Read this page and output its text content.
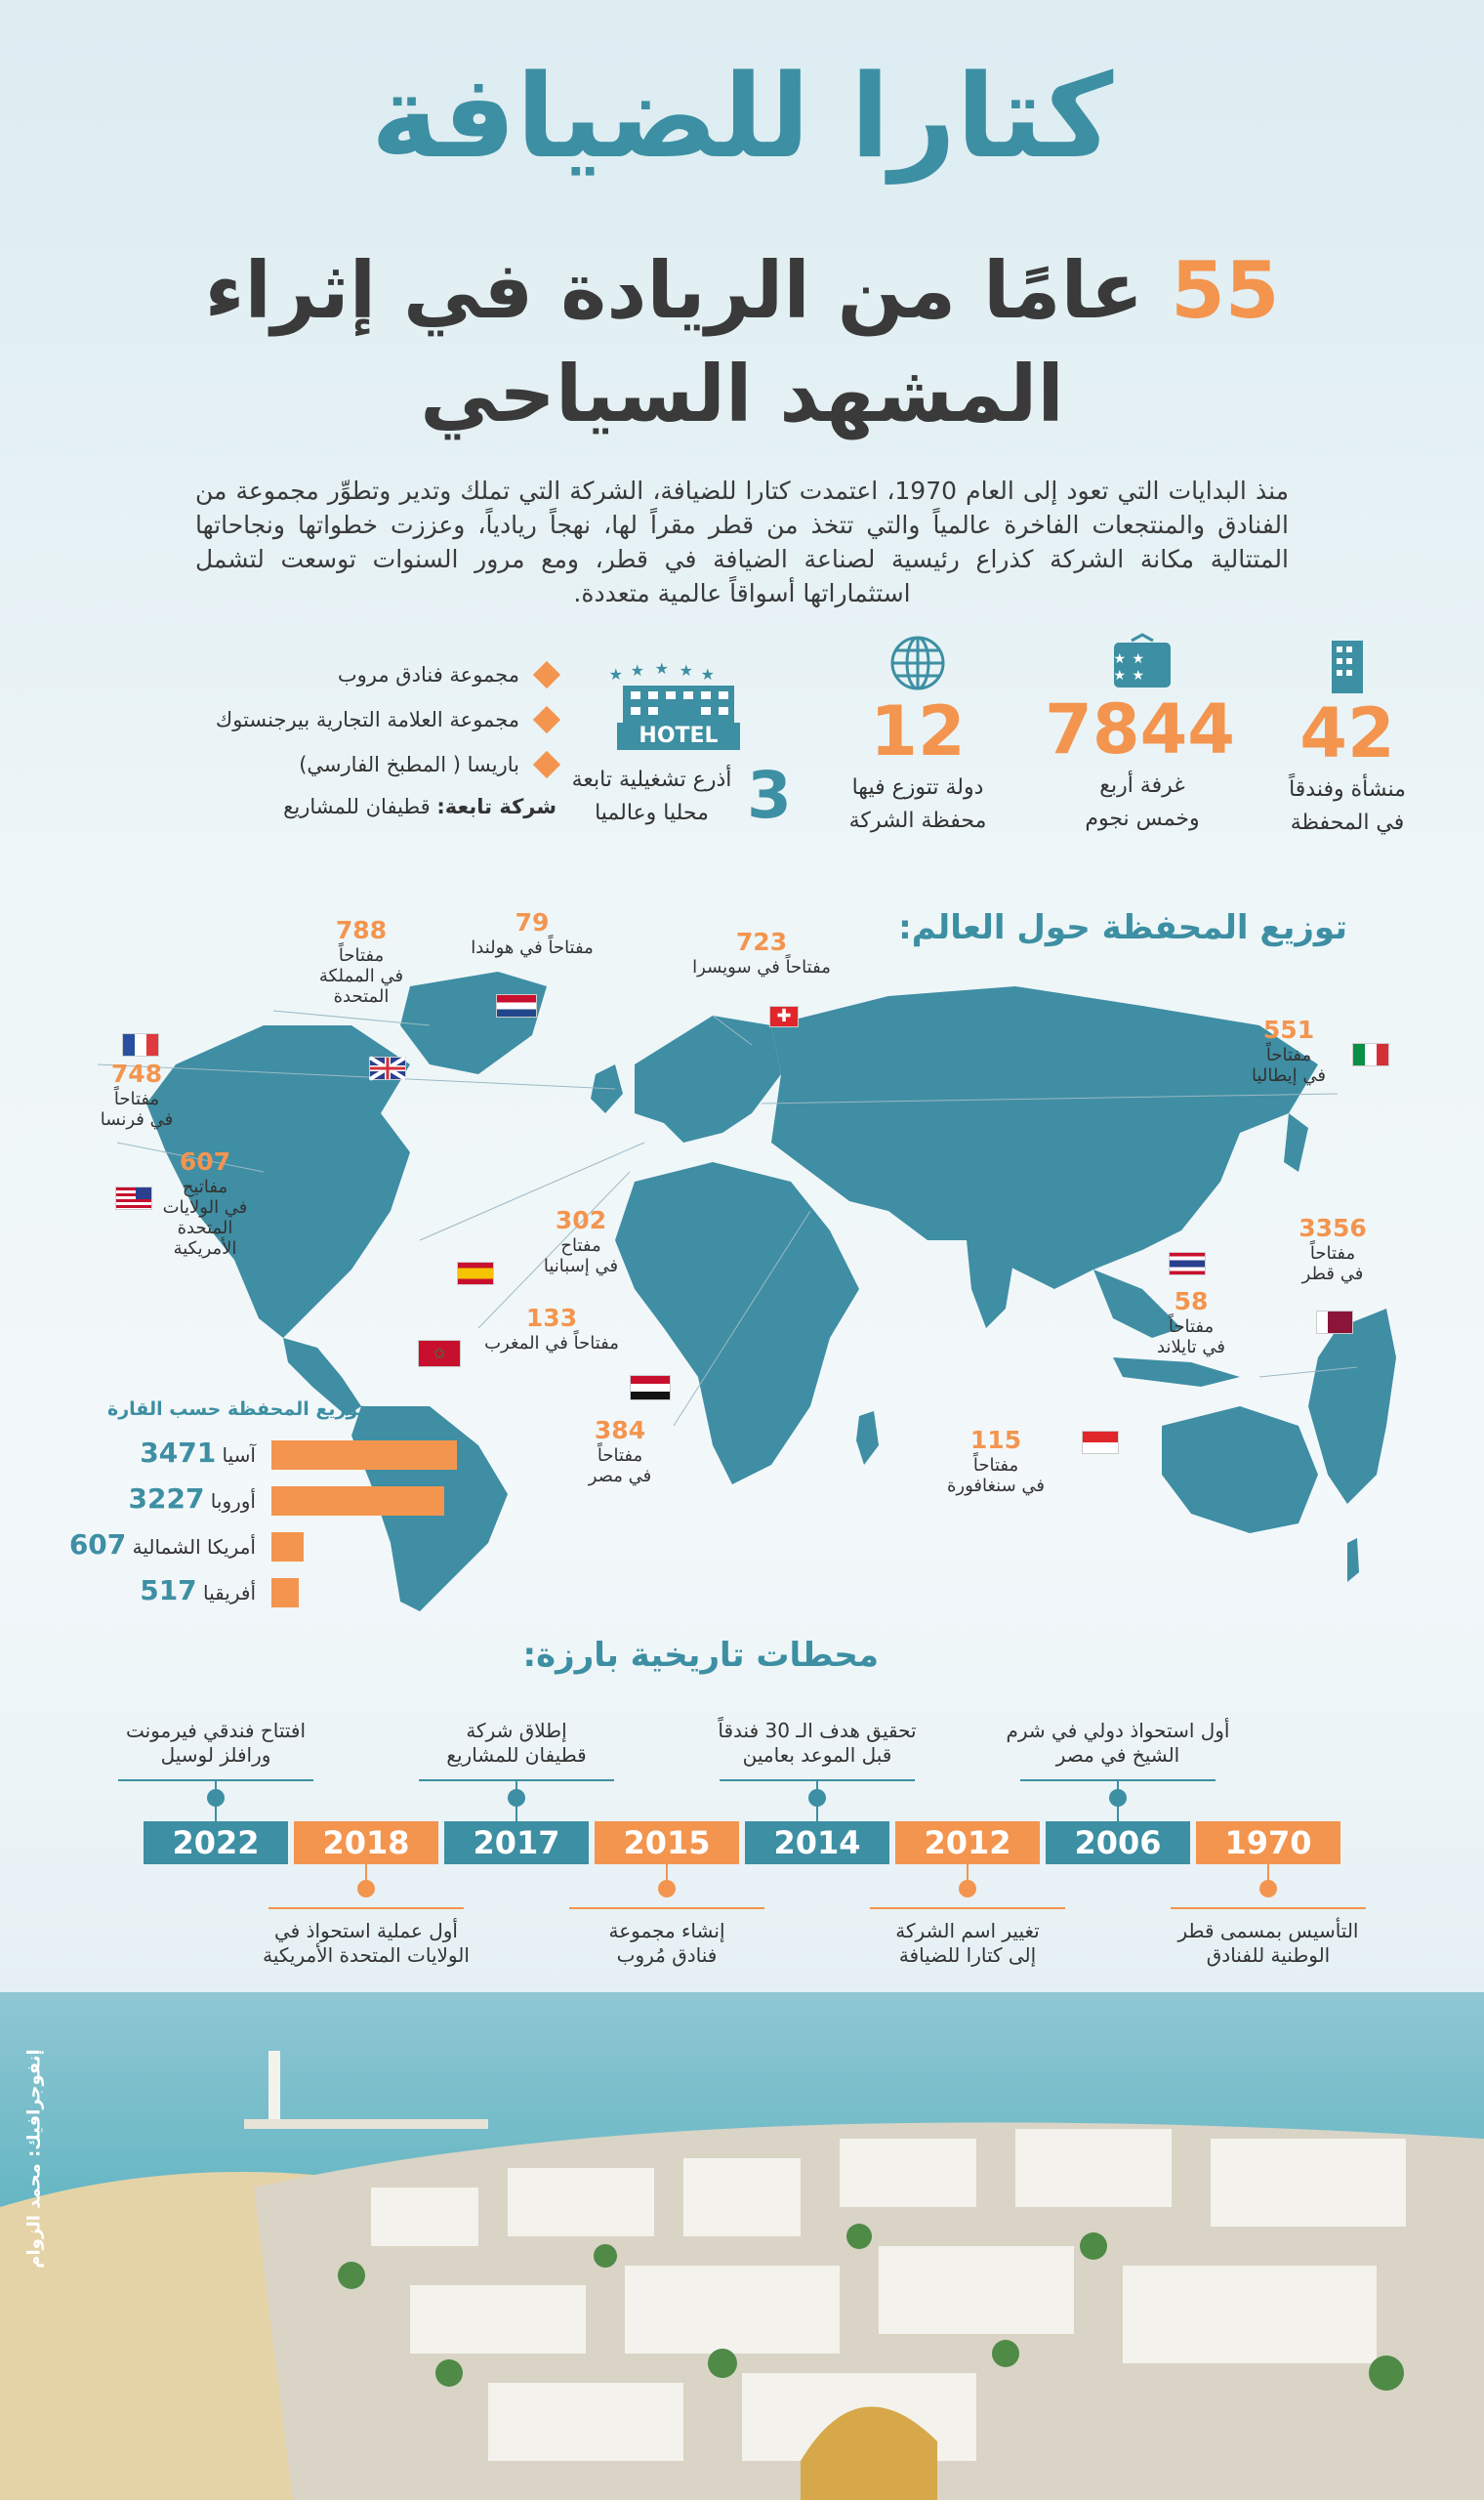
كتارا للضيافة
55 عامًا من الريادة في إثراء
المشهد السياحي
منذ البدايات التي تعود إلى العام 1970، اعتمدت كتارا للضيافة، الشركة التي تملك وتدير وتطوِّر مجموعة من الفنادق والمنتجعات الفاخرة عالمياً والتي تتخذ من قطر مقراً لها، نهجاً ريادياً، وعززت خطواتها ونجاحاتها المتتالية مكانة الشركة كذراع رئيسية لصناعة الضيافة في قطر، ومع مرور السنوات توسعت لتشمل استثماراتها أسواقاً عالمية متعددة.
42
منشأة وفندقاً
في المحفظة
★ ★
★ ★
7844
غرفة أربع
وخمس نجوم
12
دولة تتوزع فيها
محفظة الشركة
★ ★ ★ ★ ★
HOTEL
3
أذرع تشغيلية تابعة
محليا وعالميا
مجموعة فنادق مروب
مجموعة العلامة التجارية بيرجنستوك
باريسا ( المطبخ الفارسي)
شركة تابعة: قطيفان للمشاريع
توزيع المحفظة حول العالم:
788
مفتاحاً
في المملكة
المتحدة
79
مفتاحاً في هولندا	723
مفتاحاً في سويسرا
551
مفتاحاً
في إيطاليا
748
مفتاحاً
في فرنسا
607
مفاتيح
في الولايات
المتحدة
الأمريكية
302
مفتاح
في إسبانيا
133
مفتاحاً في المغرب
3356
مفتاحاً
في قطر
58
مفتاحاً
في تايلاند
384
مفتاحاً
في مصر
115
مفتاحاً
في سنغافورة
✚
✩
توزيع المحفظة حسب القارة
آسيا 3471
أوروبا 3227
أمريكا الشمالية 607
أفريقيا 517
محطات تاريخية بارزة:
1970
التأسيس بمسمى قطر
الوطنية للفنادق
2006
أول استحواذ دولي في شرم
الشيخ في مصر
2012
تغيير اسم الشركة
إلى كتارا للضيافة
2014
تحقيق هدف الـ 30 فندقاً
قبل الموعد بعامين
2015
إنشاء مجموعة
فنادق مُروب
2017
إطلاق شركة
قطيفان للمشاريع
2018
أول عملية استحواذ في
الولايات المتحدة الأمريكية
2022
افتتاح فندقي فيرمونت
ورافلز لوسيل
إنفوجرافيك: محمد الزوام
